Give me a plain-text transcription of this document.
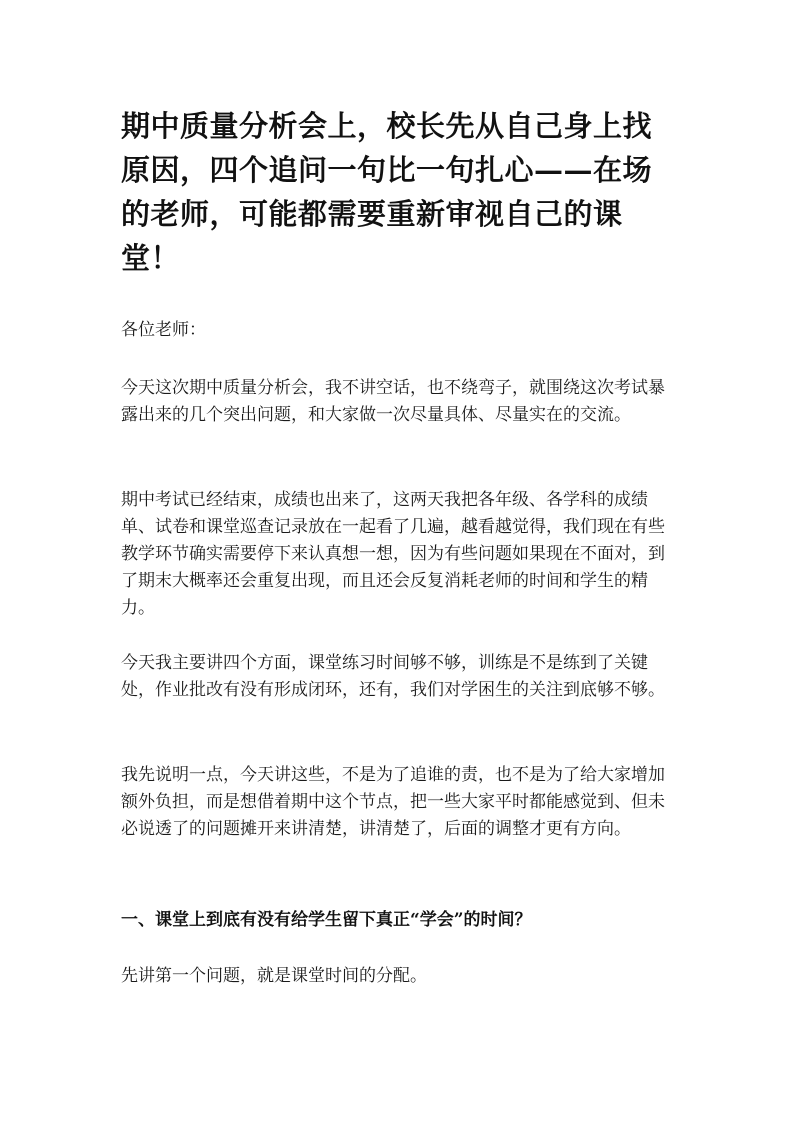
期中质量分析会上，校长先从自己身上找原因，四个追问一句比一句扎心——在场的老师，可能都需要重新审视自己的课堂！

各位老师：

今天这次期中质量分析会，我不讲空话，也不绕弯子，就围绕这次考试暴露出来的几个突出问题，和大家做一次尽量具体、尽量实在的交流。

期中考试已经结束，成绩也出来了，这两天我把各年级、各学科的成绩单、试卷和课堂巡查记录放在一起看了几遍，越看越觉得，我们现在有些教学环节确实需要停下来认真想一想，因为有些问题如果现在不面对，到了期末大概率还会重复出现，而且还会反复消耗老师的时间和学生的精力。

今天我主要讲四个方面，课堂练习时间够不够，训练是不是练到了关键处，作业批改有没有形成闭环，还有，我们对学困生的关注到底够不够。

我先说明一点，今天讲这些，不是为了追谁的责，也不是为了给大家增加额外负担，而是想借着期中这个节点，把一些大家平时都能感觉到、但未必说透了的问题摊开来讲清楚，讲清楚了，后面的调整才更有方向。

一、课堂上到底有没有给学生留下真正“学会”的时间？

先讲第一个问题，就是课堂时间的分配。
